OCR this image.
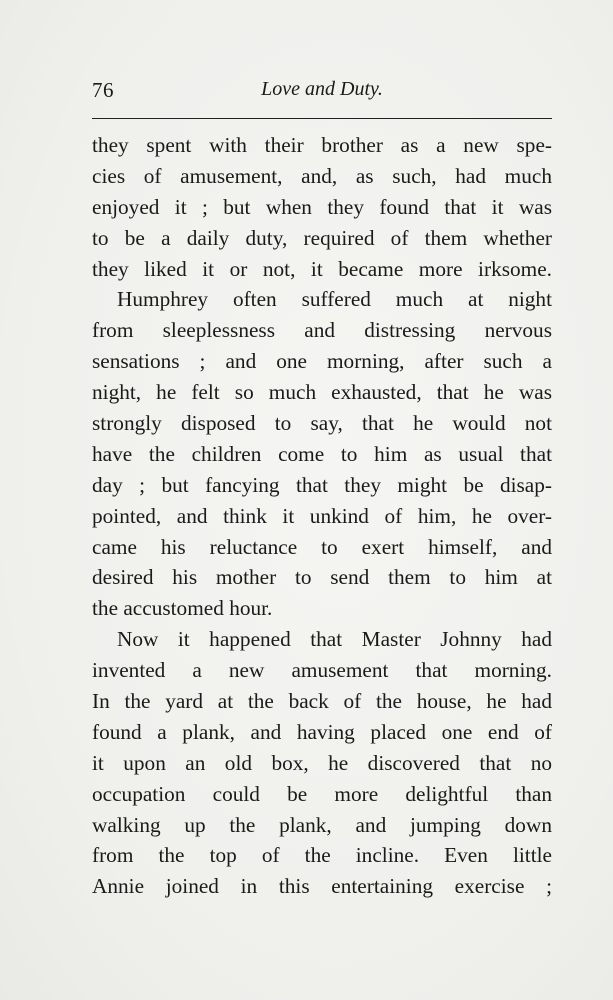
76	Love and Duty.
they spent with their brother as a new spe-
cies of amusement, and, as such, had much
enjoyed it ; but when they found that it was
to be a daily duty, required of them whether
they liked it or not, it became more irksome.
Humphrey often suffered much at night
from sleeplessness and distressing nervous
sensations ; and one morning, after such a
night, he felt so much exhausted, that he was
strongly disposed to say, that he would not
have the children come to him as usual that
day ; but fancying that they might be disap-
pointed, and think it unkind of him, he over-
came his reluctance to exert himself, and
desired his mother to send them to him at
the accustomed hour.
Now it happened that Master Johnny had
invented a new amusement that morning.
In the yard at the back of the house, he had
found a plank, and having placed one end of
it upon an old box, he discovered that no
occupation could be more delightful than
walking up the plank, and jumping down
from the top of the incline. Even little
Annie joined in this entertaining exercise ;
